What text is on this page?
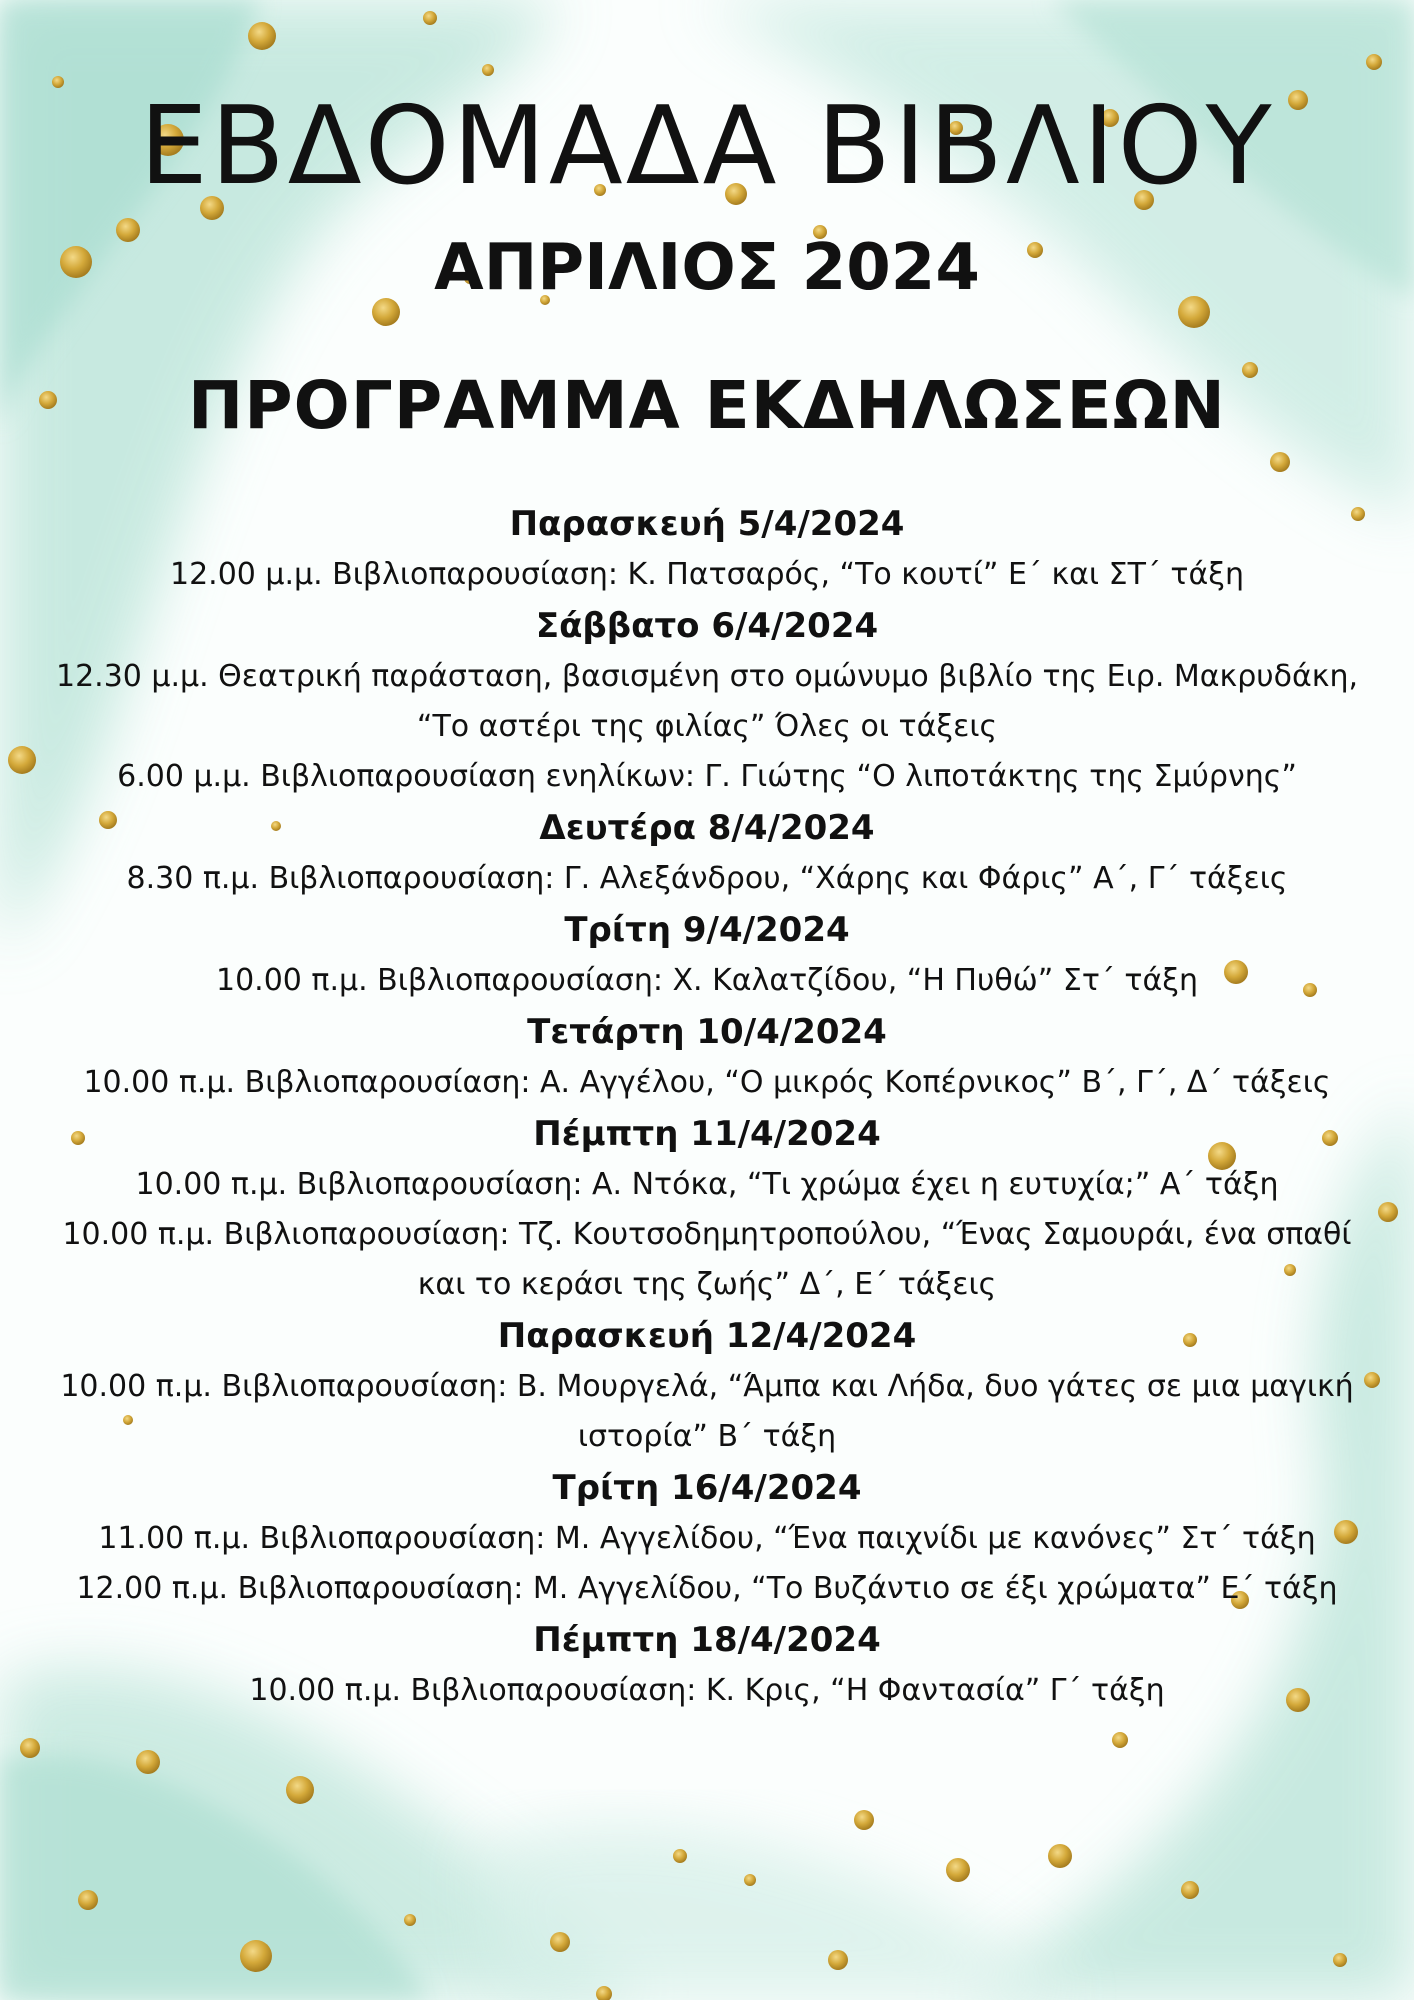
ΕΒΔΟΜΑΔΑ ΒΙΒΛΙΟΥ
ΑΠΡΙΛΙΟΣ 2024
ΠΡΟΓΡΑΜΜΑ ΕΚΔΗΛΩΣΕΩΝ

Παρασκευή 5/4/2024

12.00 μ.μ. Βιβλιοπαρουσίαση: Κ. Πατσαρός, “Το κουτί” Ε΄ και ΣΤ΄ τάξη

Σάββατο 6/4/2024

12.30 μ.μ. Θεατρική παράσταση, βασισμένη στο ομώνυμο βιβλίο της Ειρ. Μακρυδάκη, “Το αστέρι της φιλίας” Όλες οι τάξεις

6.00 μ.μ. Βιβλιοπαρουσίαση ενηλίκων: Γ. Γιώτης “Ο λιποτάκτης της Σμύρνης”

Δευτέρα 8/4/2024

8.30 π.μ. Βιβλιοπαρουσίαση: Γ. Αλεξάνδρου, “Χάρης και Φάρις” Α΄, Γ΄ τάξεις

Τρίτη 9/4/2024

10.00 π.μ. Βιβλιοπαρουσίαση: Χ. Καλατζίδου, “Η Πυθώ” Στ΄ τάξη

Τετάρτη 10/4/2024

10.00 π.μ. Βιβλιοπαρουσίαση: Α. Αγγέλου, “Ο μικρός Κοπέρνικος” Β΄, Γ΄, Δ΄ τάξεις

Πέμπτη 11/4/2024

10.00 π.μ. Βιβλιοπαρουσίαση: Α. Ντόκα, “Τι χρώμα έχει η ευτυχία;” Α΄ τάξη

10.00 π.μ. Βιβλιοπαρουσίαση: Τζ. Κουτσοδημητροπούλου, “Ένας Σαμουράι, ένα σπαθί και το κεράσι της ζωής” Δ΄, Ε΄ τάξεις

Παρασκευή 12/4/2024

10.00 π.μ. Βιβλιοπαρουσίαση: Β. Μουργελά, “Άμπα και Λήδα, δυο γάτες σε μια μαγική ιστορία” Β΄ τάξη

Τρίτη 16/4/2024

11.00 π.μ. Βιβλιοπαρουσίαση: Μ. Αγγελίδου, “Ένα παιχνίδι με κανόνες” Στ΄ τάξη

12.00 π.μ. Βιβλιοπαρουσίαση: Μ. Αγγελίδου, “Το Βυζάντιο σε έξι χρώματα” Ε΄ τάξη

Πέμπτη 18/4/2024

10.00 π.μ. Βιβλιοπαρουσίαση: Κ. Κρις, “Η Φαντασία” Γ΄ τάξη
